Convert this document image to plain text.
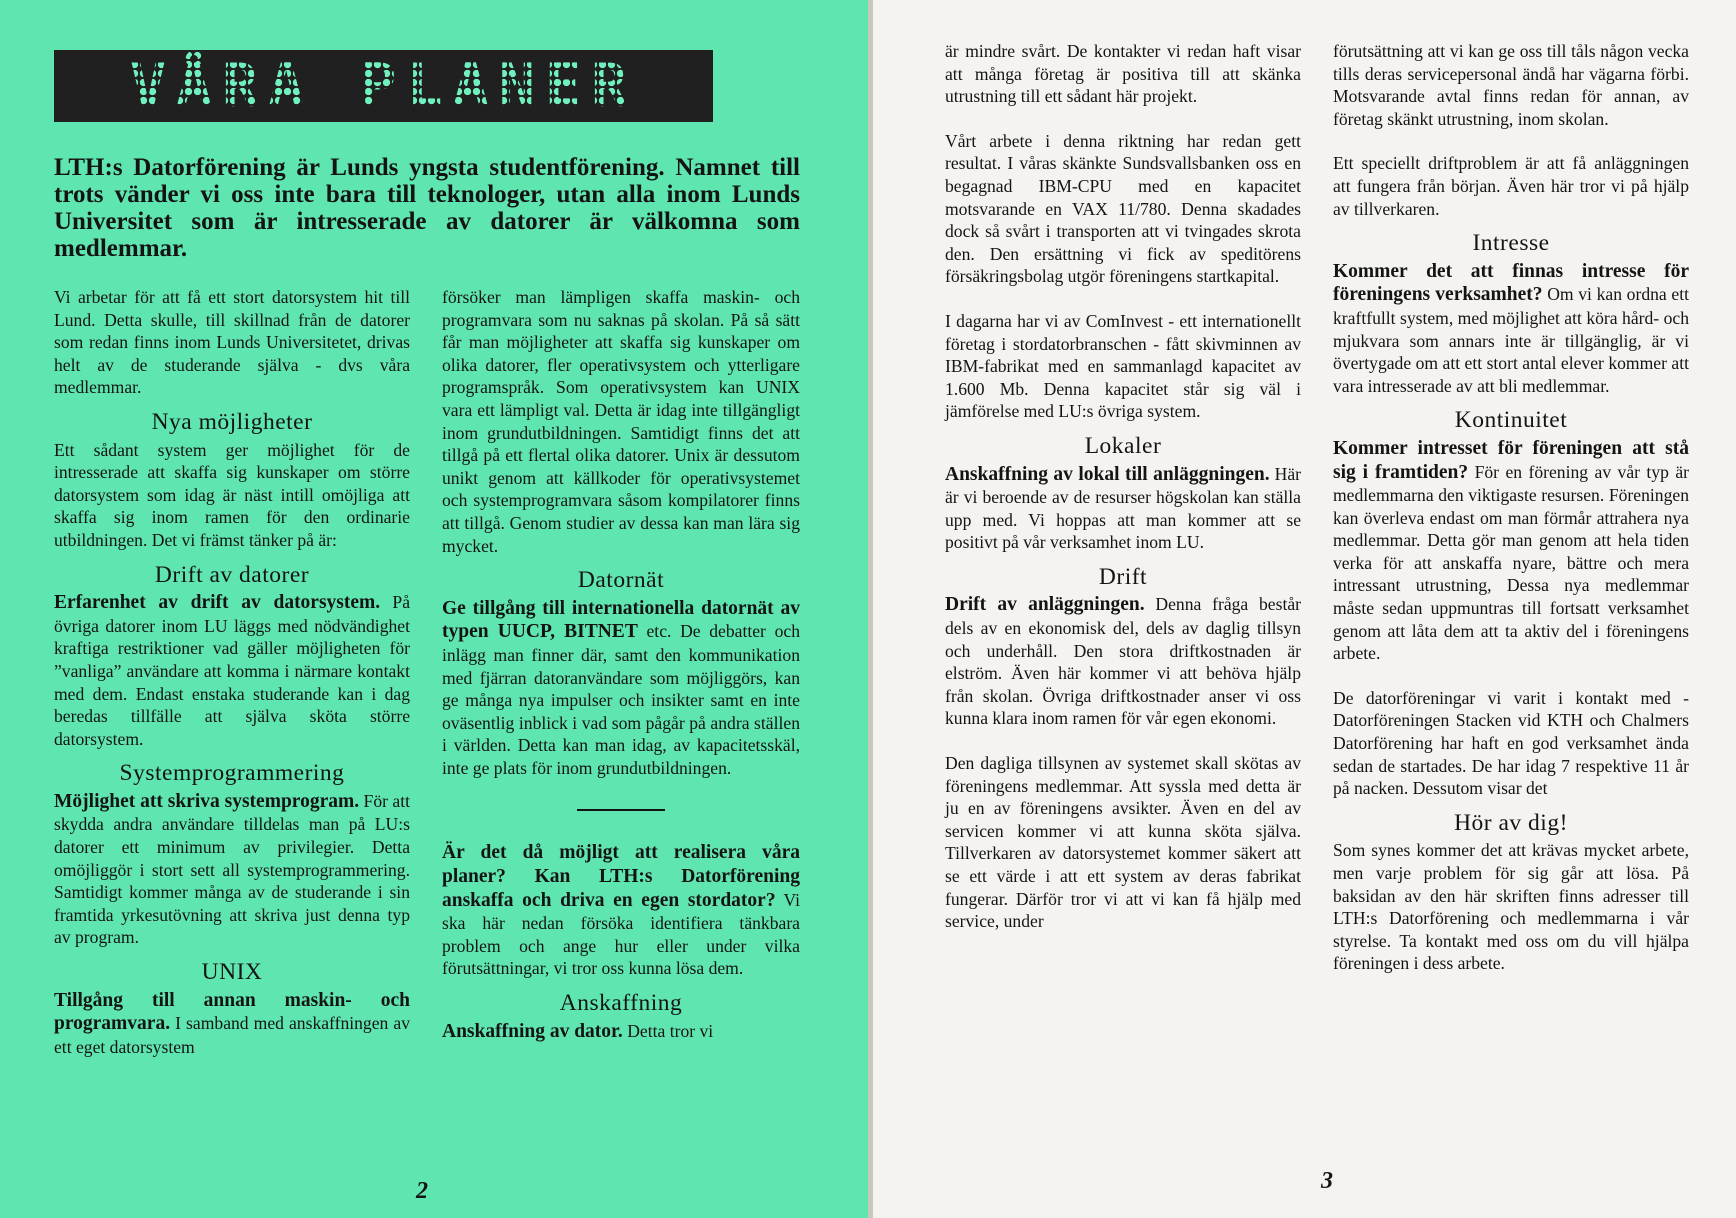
VÅRA PLANER
LTH:s Datorförening är Lunds yngsta studentförening. Namnet till trots vänder vi oss inte bara till teknologer, utan alla inom Lunds Universitet som är intresserade av datorer är välkomna som medlemmar.

Vi arbetar för att få ett stort datorsystem hit till Lund. Detta skulle, till skillnad från de datorer som redan finns inom Lunds Universitetet, drivas helt av de studerande själva - dvs våra medlemmar.

Nya möjligheter

Ett sådant system ger möjlighet för de intresserade att skaffa sig kunskaper om större datorsystem som idag är näst intill omöjliga att skaffa sig inom ramen för den ordinarie utbildningen. Det vi främst tänker på är:

Drift av datorer

Erfarenhet av drift av datorsystem. På övriga datorer inom LU läggs med nödvändighet kraftiga restriktioner vad gäller möjligheten för ”vanliga” användare att komma i närmare kontakt med dem. Endast enstaka studerande kan i dag beredas tillfälle att själva sköta större datorsystem.

Systemprogrammering

Möjlighet att skriva systemprogram. För att skydda andra användare tilldelas man på LU:s datorer ett minimum av privilegier. Detta omöjliggör i stort sett all systemprogrammering. Samtidigt kommer många av de studerande i sin framtida yrkesutövning att skriva just denna typ av program.

UNIX

Tillgång till annan maskin- och programvara. I samband med anskaffningen av ett eget datorsystem

försöker man lämpligen skaffa maskin- och programvara som nu saknas på skolan. På så sätt får man möjligheter att skaffa sig kunskaper om olika datorer, fler operativsystem och ytterligare programspråk. Som operativsystem kan UNIX vara ett lämpligt val. Detta är idag inte tillgängligt inom grundutbildningen. Samtidigt finns det att tillgå på ett flertal olika datorer. Unix är dessutom unikt genom att källkoder för operativsystemet och systemprogramvara såsom kompilatorer finns att tillgå. Genom studier av dessa kan man lära sig mycket.

Datornät

Ge tillgång till internationella datornät av typen UUCP, BITNET etc. De debatter och inlägg man finner där, samt den kommunikation med fjärran datoranvändare som möjliggörs, kan ge många nya impulser och insikter samt en inte oväsentlig inblick i vad som pågår på andra ställen i världen. Detta kan man idag, av kapacitetsskäl, inte ge plats för inom grundutbildningen.

Är det då möjligt att realisera våra planer? Kan LTH:s Datorförening anskaffa och driva en egen stordator? Vi ska här nedan försöka identifiera tänkbara problem och ange hur eller under vilka förutsättningar, vi tror oss kunna lösa dem.

Anskaffning

Anskaffning av dator. Detta tror vi

2

är mindre svårt. De kontakter vi redan haft visar att många företag är positiva till att skänka utrustning till ett sådant här projekt.

Vårt arbete i denna riktning har redan gett resultat. I våras skänkte Sundsvallsbanken oss en begagnad IBM-CPU med en kapacitet motsvarande en VAX 11/780. Denna skadades dock så svårt i transporten att vi tvingades skrota den. Den ersättning vi fick av speditörens försäkringsbolag utgör föreningens startkapital.

I dagarna har vi av ComInvest - ett internationellt företag i stordatorbranschen - fått skivminnen av IBM-fabrikat med en sammanlagd kapacitet av 1.600 Mb. Denna kapacitet står sig väl i jämförelse med LU:s övriga system.

Lokaler

Anskaffning av lokal till anläggningen. Här är vi beroende av de resurser högskolan kan ställa upp med. Vi hoppas att man kommer att se positivt på vår verksamhet inom LU.

Drift

Drift av anläggningen. Denna fråga består dels av en ekonomisk del, dels av daglig tillsyn och underhåll. Den stora driftkostnaden är elström. Även här kommer vi att behöva hjälp från skolan. Övriga driftkostnader anser vi oss kunna klara inom ramen för vår egen ekonomi.

Den dagliga tillsynen av systemet skall skötas av föreningens medlemmar. Att syssla med detta är ju en av föreningens avsikter. Även en del av servicen kommer vi att kunna sköta själva. Tillverkaren av datorsystemet kommer säkert att se ett värde i att ett system av deras fabrikat fungerar. Därför tror vi att vi kan få hjälp med service, under

förutsättning att vi kan ge oss till tåls någon vecka tills deras servicepersonal ändå har vägarna förbi. Motsvarande avtal finns redan för annan, av företag skänkt utrustning, inom skolan.

Ett speciellt driftproblem är att få anläggningen att fungera från början. Även här tror vi på hjälp av tillverkaren.

Intresse

Kommer det att finnas intresse för föreningens verksamhet? Om vi kan ordna ett kraftfullt system, med möjlighet att köra hård- och mjukvara som annars inte är tillgänglig, är vi övertygade om att ett stort antal elever kommer att vara intresserade av att bli medlemmar.

Kontinuitet

Kommer intresset för föreningen att stå sig i framtiden? För en förening av vår typ är medlemmarna den viktigaste resursen. Föreningen kan överleva endast om man förmår attrahera nya medlemmar. Detta gör man genom att hela tiden verka för att anskaffa nyare, bättre och mera intressant utrustning, Dessa nya medlemmar måste sedan uppmuntras till fortsatt verksamhet genom att låta dem att ta aktiv del i föreningens arbete.

De datorföreningar vi varit i kontakt med - Datorföreningen Stacken vid KTH och Chalmers Datorförening har haft en god verksamhet ända sedan de startades. De har idag 7 respektive 11 år på nacken. Dessutom visar det

Hör av dig!

Som synes kommer det att krävas mycket arbete, men varje problem för sig går att lösa. På baksidan av den här skriften finns adresser till LTH:s Datorförening och medlemmarna i vår styrelse. Ta kontakt med oss om du vill hjälpa föreningen i dess arbete.

3
